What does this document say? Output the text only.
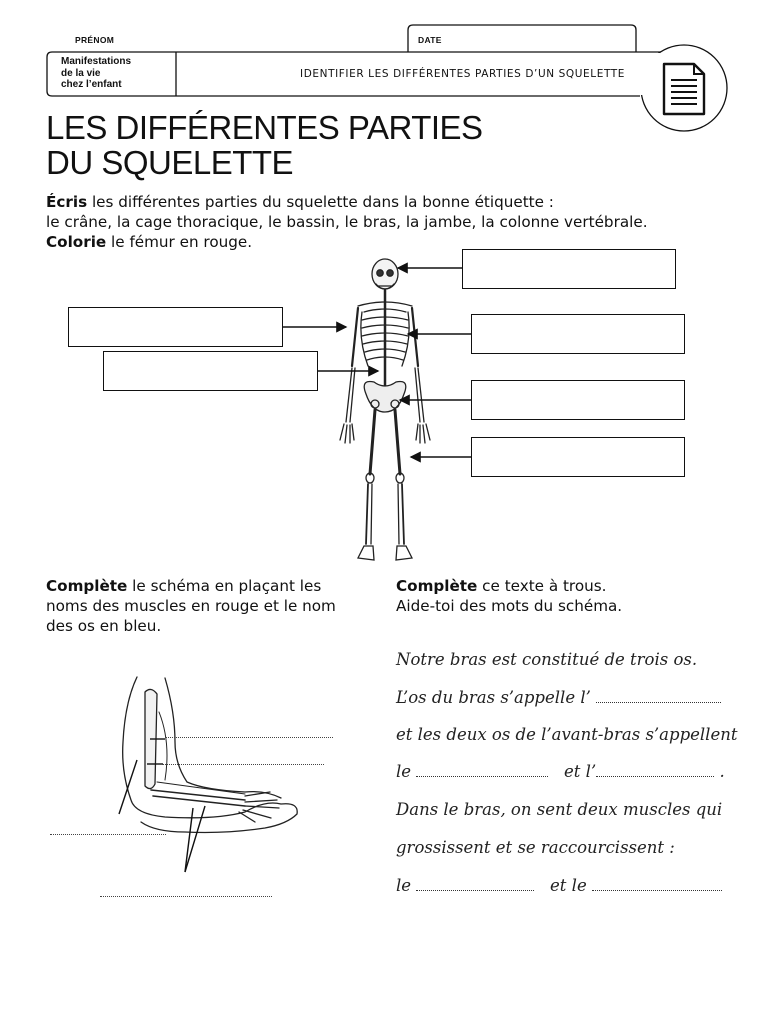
PRÉNOM	DATE
Manifestations
de la vie
chez l’enfant
IDENTIFIER LES DIFFÉRENTES PARTIES D’UN SQUELETTE
LES DIFFÉRENTES PARTIES
DU SQUELETTE
Écris les différentes parties du squelette dans la bonne étiquette :
le crâne, la cage thoracique, le bassin, le bras, la jambe, la colonne vertébrale.
Colorie le fémur en rouge.
Complète le schéma en plaçant les
noms des muscles en rouge et le nom
des os en bleu.
Complète ce texte à trous.
Aide-toi des mots du schéma.
Notre bras est constitué de trois os.
L’os du bras s’appelle l’
et les deux os de l’avant-bras s’appellent
le	et l’	.
Dans le bras, on sent deux muscles qui
grossissent et se raccourcissent :
le	et le
